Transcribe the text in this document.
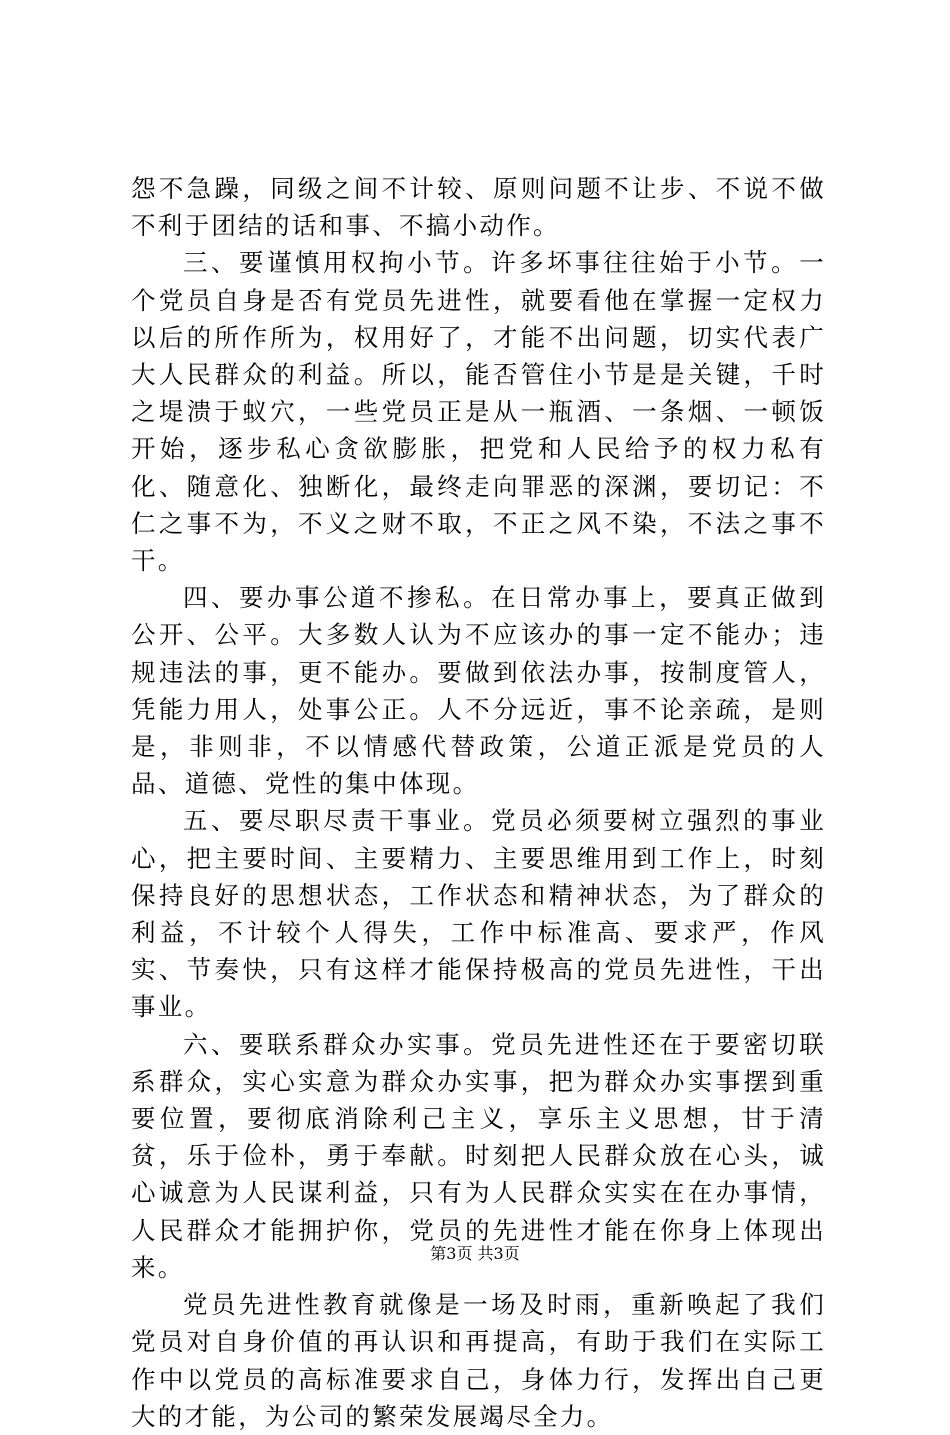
怨不急躁，同级之间不计较、原则问题不让步、不说不做不利于团结的话和事、不搞小动作。

三、要谨慎用权拘小节。许多坏事往往始于小节。一个党员自身是否有党员先进性，就要看他在掌握一定权力以后的所作所为，权用好了，才能不出问题，切实代表广大人民群众的利益。所以，能否管住小节是是关键，千时之堤溃于蚁穴，一些党员正是从一瓶酒、一条烟、一顿饭开始，逐步私心贪欲膨胀，把党和人民给予的权力私有化、随意化、独断化，最终走向罪恶的深渊，要切记：不仁之事不为，不义之财不取，不正之风不染，不法之事不干。

四、要办事公道不掺私。在日常办事上，要真正做到公开、公平。大多数人认为不应该办的事一定不能办；违规违法的事，更不能办。要做到依法办事，按制度管人，凭能力用人，处事公正。人不分远近，事不论亲疏，是则是，非则非，不以情感代替政策，公道正派是党员的人品、道德、党性的集中体现。

五、要尽职尽责干事业。党员必须要树立强烈的事业心，把主要时间、主要精力、主要思维用到工作上，时刻保持良好的思想状态，工作状态和精神状态，为了群众的利益，不计较个人得失，工作中标准高、要求严，作风实、节奏快，只有这样才能保持极高的党员先进性，干出事业。

六、要联系群众办实事。党员先进性还在于要密切联系群众，实心实意为群众办实事，把为群众办实事摆到重要位置，要彻底消除利己主义，享乐主义思想，甘于清贫，乐于俭朴，勇于奉献。时刻把人民群众放在心头，诚心诚意为人民谋利益，只有为人民群众实实在在办事情，人民群众才能拥护你，党员的先进性才能在你身上体现出来。

党员先进性教育就像是一场及时雨，重新唤起了我们党员对自身价值的再认识和再提高，有助于我们在实际工作中以党员的高标准要求自己，身体力行，发挥出自己更大的才能，为公司的繁荣发展竭尽全力。

第3页 共3页
